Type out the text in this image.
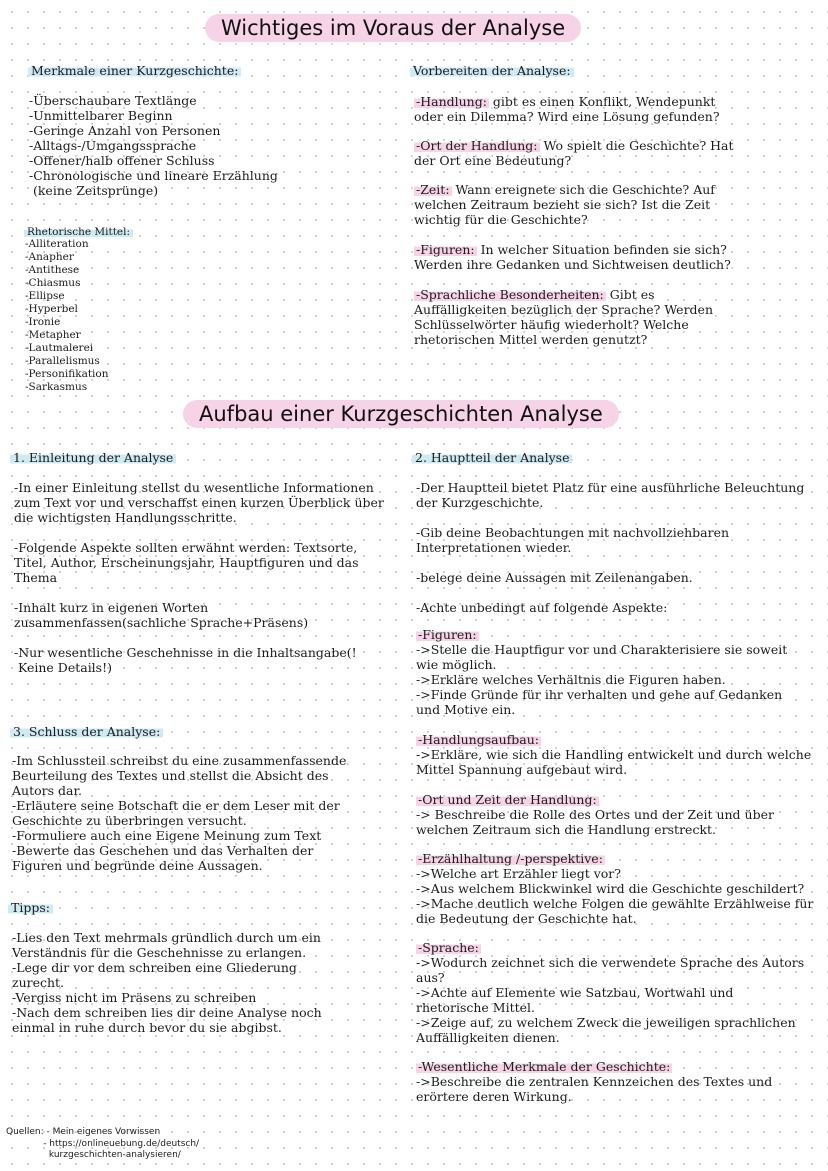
Wichtiges im Voraus der Analyse
Merkmale einer Kurzgeschichte:
-Überschaubare Textlänge
-Unmittelbarer Beginn
-Geringe Anzahl von Personen
-Alltags-/Umgangssprache
-Offener/halb offener Schluss
-Chronologische und lineare Erzählung
(keine Zeitsprünge)
Rhetorische Mittel:
-Alliteration
-Anapher
-Antithese
-Chiasmus
-Ellipse
-Hyperbel
-Ironie
-Metapher
-Lautmalerei
-Parallelismus
-Personifikation
-Sarkasmus
Vorbereiten der Analyse:
-Handlung: gibt es einen Konflikt, Wendepunkt
oder ein Dilemma? Wird eine Lösung gefunden?
-Ort der Handlung: Wo spielt die Geschichte? Hat
der Ort eine Bedeutung?
-Zeit: Wann ereignete sich die Geschichte? Auf
welchen Zeitraum bezieht sie sich? Ist die Zeit
wichtig für die Geschichte?
-Figuren: In welcher Situation befinden sie sich?
Werden ihre Gedanken und Sichtweisen deutlich?
-Sprachliche Besonderheiten: Gibt es
Auffälligkeiten bezüglich der Sprache? Werden
Schlüsselwörter häufig wiederholt? Welche
rhetorischen Mittel werden genutzt?
Aufbau einer Kurzgeschichten Analyse
1. Einleitung der Analyse
-In einer Einleitung stellst du wesentliche Informationen
zum Text vor und verschaffst einen kurzen Überblick über
die wichtigsten Handlungsschritte.

-Folgende Aspekte sollten erwähnt werden: Textsorte,
Titel, Author, Erscheinungsjahr, Hauptfiguren und das
Thema

-Inhalt kurz in eigenen Worten
zusammenfassen(sachliche Sprache+Präsens)

-Nur wesentliche Geschehnisse in die Inhaltsangabe(!
Keine Details!)
3. Schluss der Analyse:
-Im Schlussteil schreibst du eine zusammenfassende
Beurteilung des Textes und stellst die Absicht des
Autors dar.
-Erläutere seine Botschaft die er dem Leser mit der
Geschichte zu überbringen versucht.
-Formuliere auch eine Eigene Meinung zum Text
-Bewerte das Geschehen und das Verhalten der
Figuren und begründe deine Aussagen.
Tipps:
-Lies den Text mehrmals gründlich durch um ein
Verständnis für die Geschehnisse zu erlangen.
-Lege dir vor dem schreiben eine Gliederung
zurecht.
-Vergiss nicht im Präsens zu schreiben
-Nach dem schreiben lies dir deine Analyse noch
einmal in ruhe durch bevor du sie abgibst.
2. Hauptteil der Analyse
-Der Hauptteil bietet Platz für eine ausführliche Beleuchtung
der Kurzgeschichte.

-Gib deine Beobachtungen mit nachvollziehbaren
Interpretationen wieder.

-belege deine Aussagen mit Zeilenangaben.

-Achte unbedingt auf folgende Aspekte:
-Figuren:
->Stelle die Hauptfigur vor und Charakterisiere sie soweit
wie möglich.
->Erkläre welches Verhältnis die Figuren haben.
->Finde Gründe für ihr verhalten und gehe auf Gedanken
und Motive ein.
-Handlungsaufbau:
->Erkläre, wie sich die Handling entwickelt und durch welche
Mittel Spannung aufgebaut wird.
-Ort und Zeit der Handlung:
-> Beschreibe die Rolle des Ortes und der Zeit und über
welchen Zeitraum sich die Handlung erstreckt.
-Erzählhaltung /-perspektive:
->Welche art Erzähler liegt vor?
->Aus welchem Blickwinkel wird die Geschichte geschildert?
->Mache deutlich welche Folgen die gewählte Erzählweise für
die Bedeutung der Geschichte hat.
-Sprache:
->Wodurch zeichnet sich die verwendete Sprache des Autors
aus?
->Achte auf Elemente wie Satzbau, Wortwahl und
rhetorische Mittel.
->Zeige auf, zu welchem Zweck die jeweiligen sprachlichen
Auffälligkeiten dienen.
-Wesentliche Merkmale der Geschichte:
->Beschreibe die zentralen Kennzeichen des Textes und
erörtere deren Wirkung.
Quellen: - Mein eigenes Vorwissen
- https://onlineuebung.de/deutsch/
kurzgeschichten-analysieren/
